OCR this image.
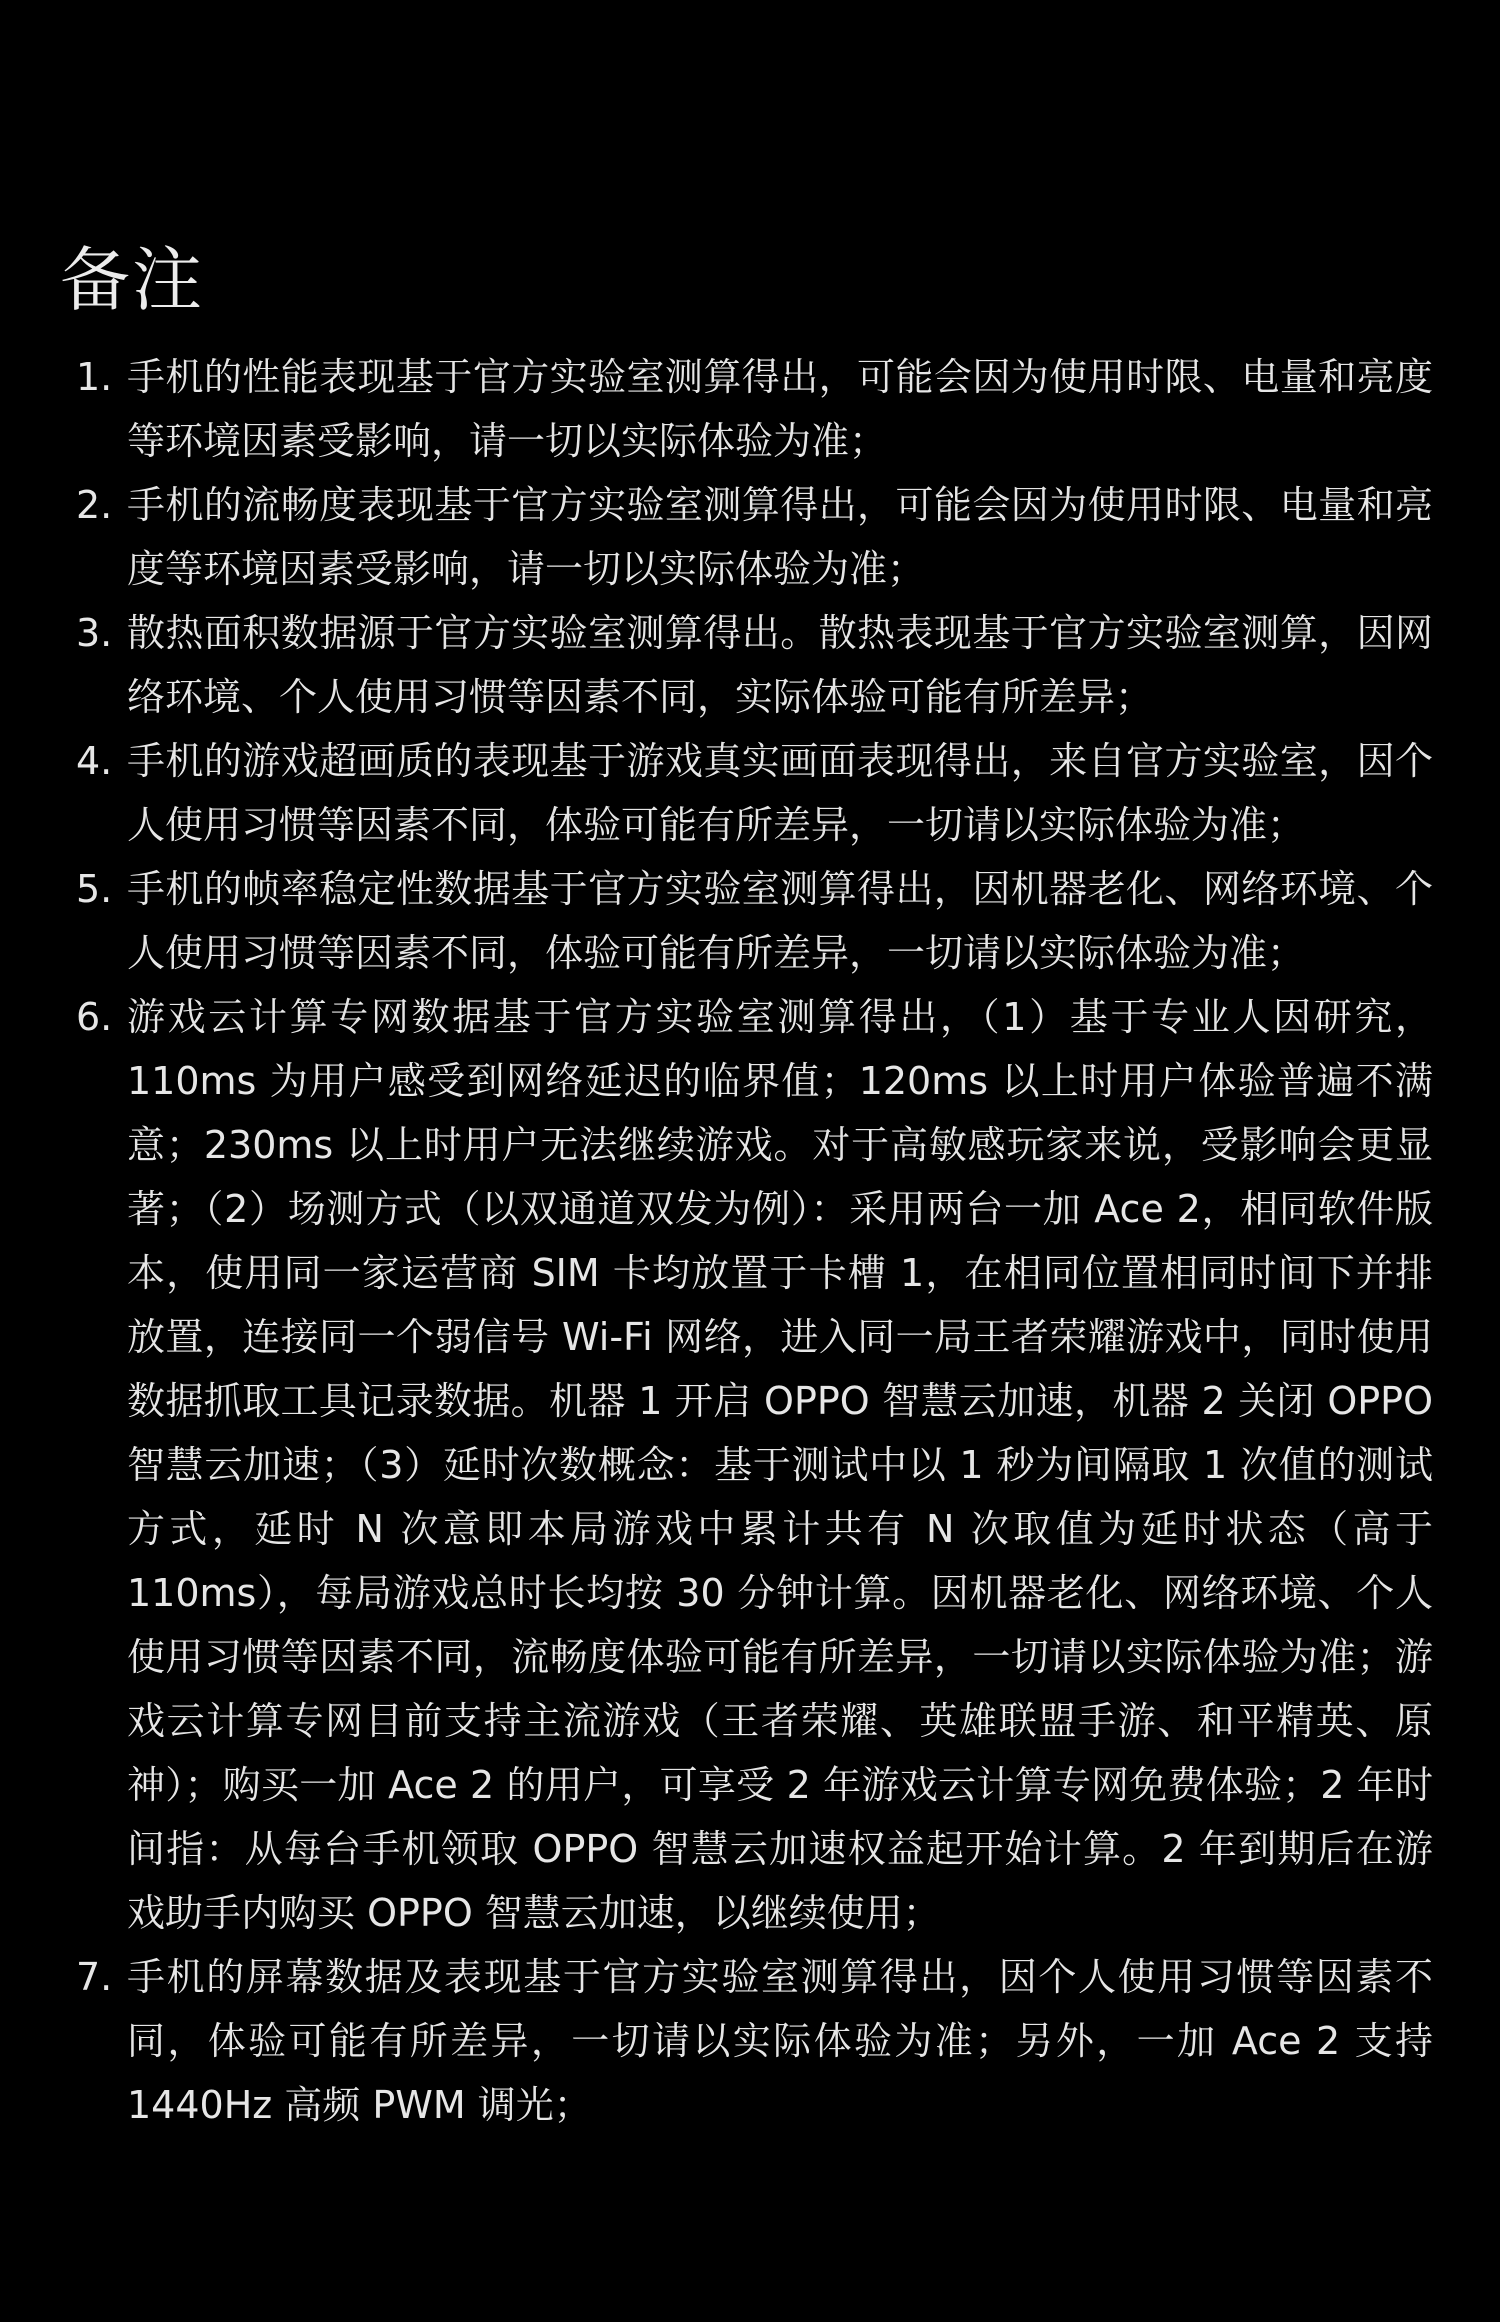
备注
1. 手机的性能表现基于官方实验室测算得出，可能会因为使用时限、电量和亮度等环境因素受影响，请一切以实际体验为准；
2. 手机的流畅度表现基于官方实验室测算得出，可能会因为使用时限、电量和亮度等环境因素受影响，请一切以实际体验为准；
3. 散热面积数据源于官方实验室测算得出。散热表现基于官方实验室测算，因网络环境、个人使用习惯等因素不同，实际体验可能有所差异；
4. 手机的游戏超画质的表现基于游戏真实画面表现得出，来自官方实验室，因个人使用习惯等因素不同，体验可能有所差异，一切请以实际体验为准；
5. 手机的帧率稳定性数据基于官方实验室测算得出，因机器老化、网络环境、个人使用习惯等因素不同，体验可能有所差异，一切请以实际体验为准；
6. 游戏云计算专网数据基于官方实验室测算得出，（1）基于专业人因研究，110ms 为用户感受到网络延迟的临界值；120ms 以上时用户体验普遍不满意；230ms 以上时用户无法继续游戏。对于高敏感玩家来说，受影响会更显著；（2）场测方式（以双通道双发为例）：采用两台一加 Ace 2，相同软件版本，使用同一家运营商 SIM 卡均放置于卡槽 1，在相同位置相同时间下并排放置，连接同一个弱信号 Wi-Fi 网络，进入同一局王者荣耀游戏中，同时使用数据抓取工具记录数据。机器 1 开启 OPPO 智慧云加速，机器 2 关闭 OPPO 智慧云加速；（3）延时次数概念：基于测试中以 1 秒为间隔取 1 次值的测试方式，延时 N 次意即本局游戏中累计共有 N 次取值为延时状态（高于 110ms），每局游戏总时长均按 30 分钟计算。因机器老化、网络环境、个人使用习惯等因素不同，流畅度体验可能有所差异，一切请以实际体验为准；游戏云计算专网目前支持主流游戏（王者荣耀、英雄联盟手游、和平精英、原神）；购买一加 Ace 2 的用户，可享受 2 年游戏云计算专网免费体验；2 年时间指：从每台手机领取 OPPO 智慧云加速权益起开始计算。2 年到期后在游戏助手内购买 OPPO 智慧云加速，以继续使用；
7. 手机的屏幕数据及表现基于官方实验室测算得出，因个人使用习惯等因素不同，体验可能有所差异，一切请以实际体验为准；另外，一加 Ace 2 支持 1440Hz 高频 PWM 调光；
